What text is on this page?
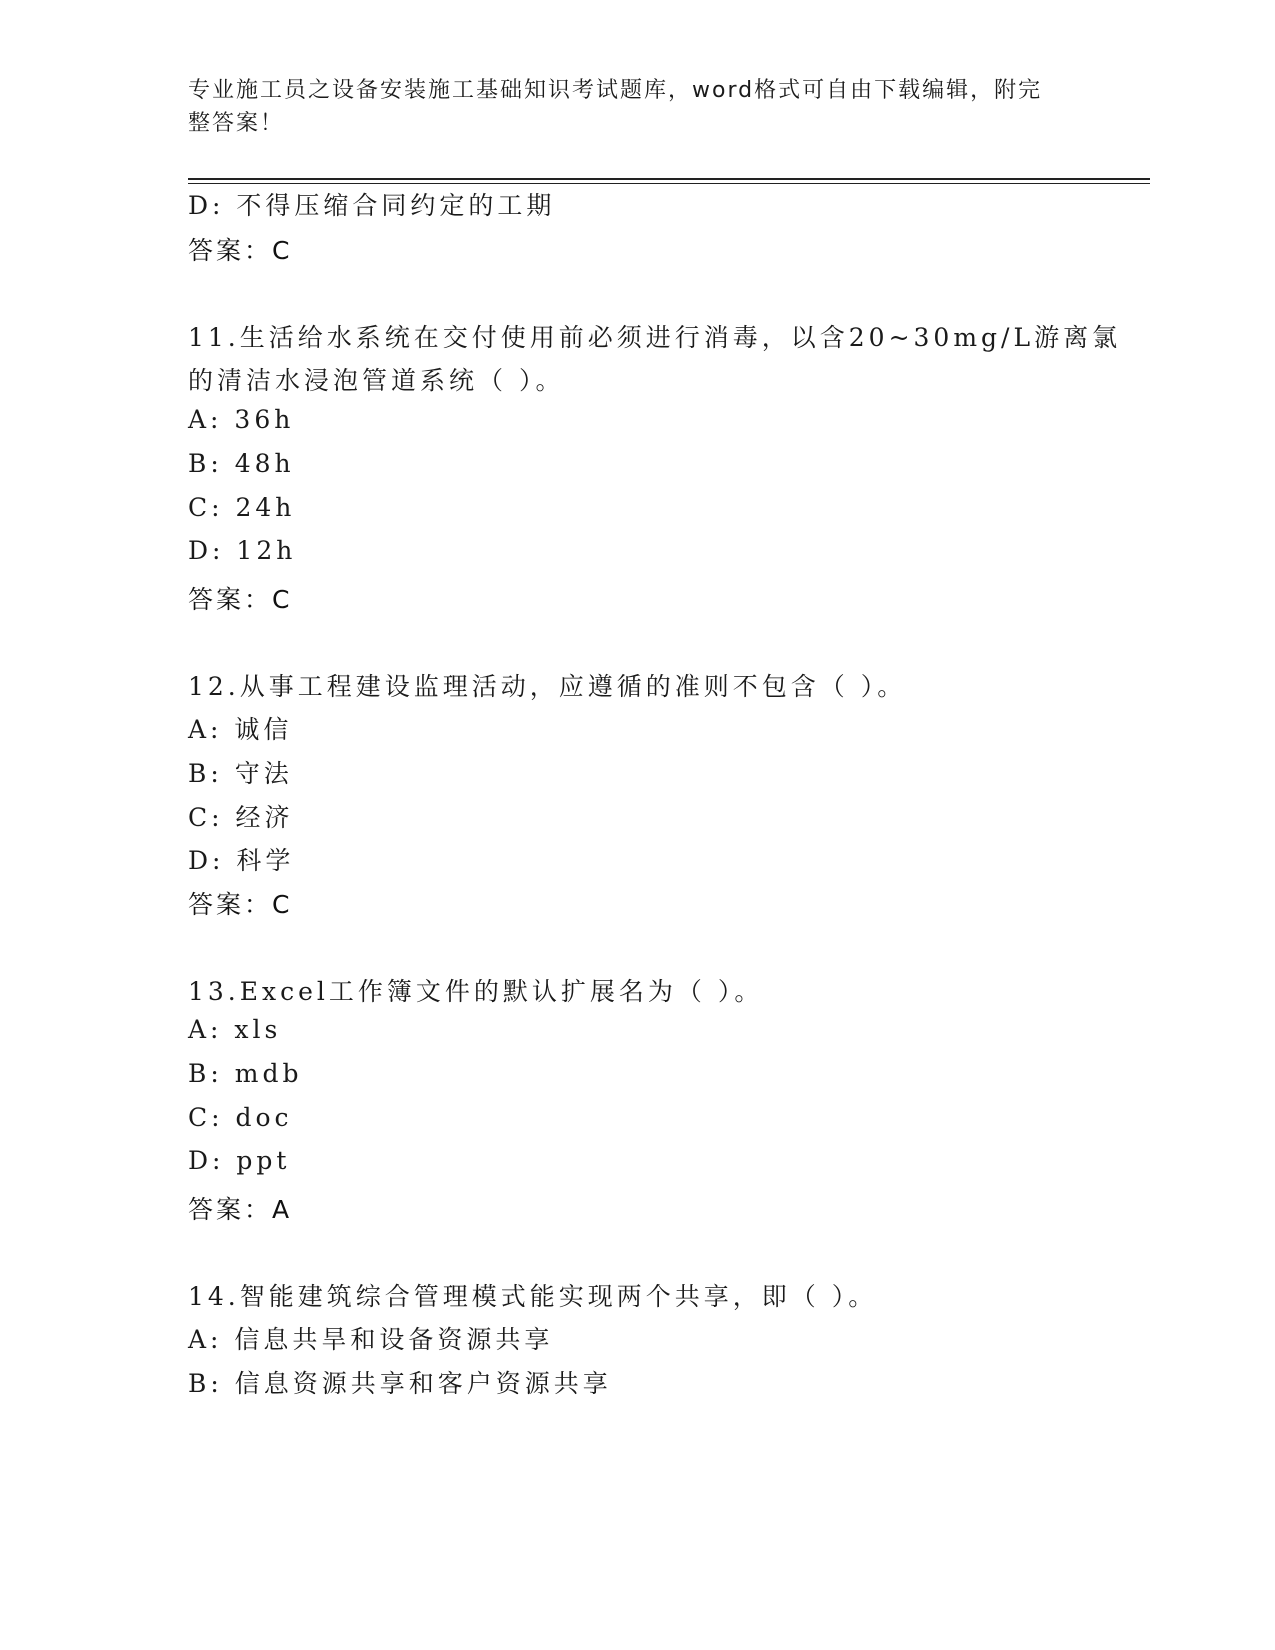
专业施工员之设备安装施工基础知识考试题库，word格式可自由下载编辑，附完
整答案！
D: 不得压缩合同约定的工期
答案：C
11.生活给水系统在交付使用前必须进行消毒，以含20~30mg/L游离氯
的清洁水浸泡管道系统（ ）。
A: 36h
B: 48h
C: 24h
D: 12h
答案：C
12.从事工程建设监理活动，应遵循的准则不包含（ ）。
A: 诚信
B: 守法
C: 经济
D: 科学
答案：C
13.Excel工作簿文件的默认扩展名为（ ）。
A: xls
B: mdb
C: doc
D: ppt
答案：A
14.智能建筑综合管理模式能实现两个共享，即（ ）。
A: 信息共旱和设备资源共享
B: 信息资源共享和客户资源共享
